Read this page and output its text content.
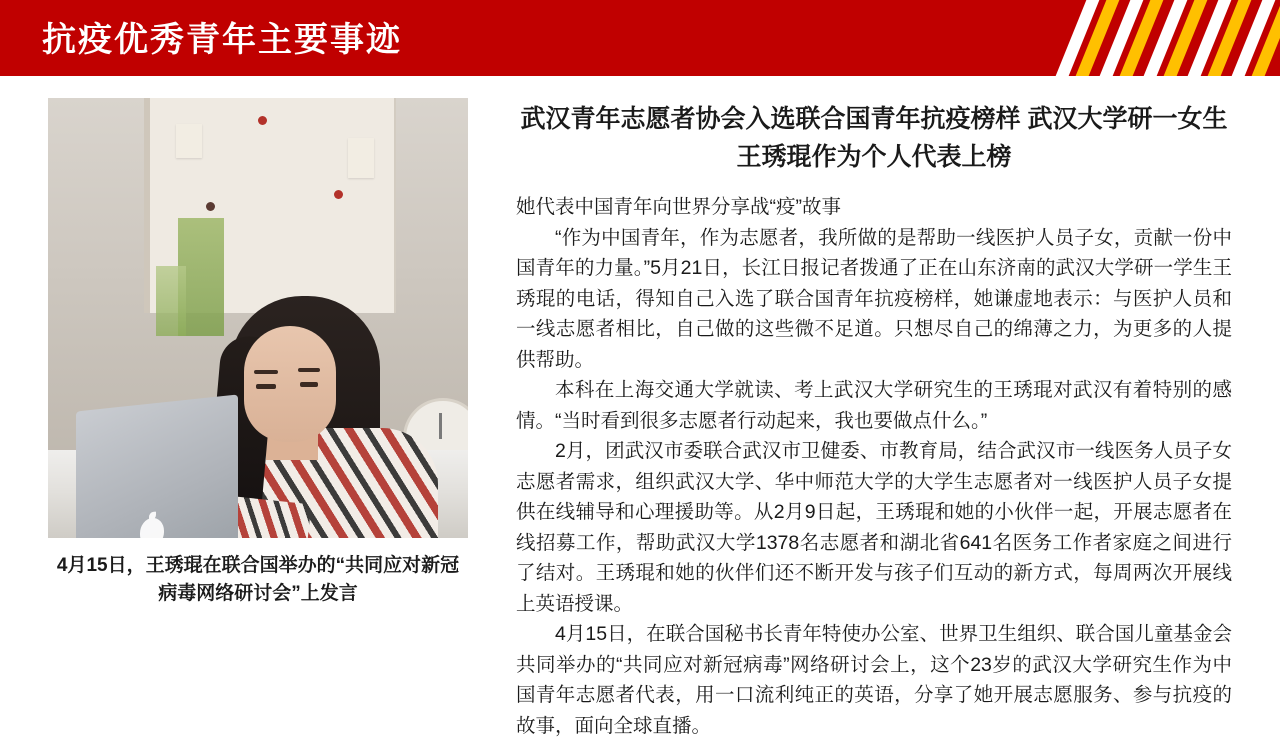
抗疫优秀青年主要事迹
4月15日，王琇琨在联合国举办的“共同应对新冠病毒网络研讨会”上发言
武汉青年志愿者协会入选联合国青年抗疫榜样 武汉大学研一女生王琇琨作为个人代表上榜

她代表中国青年向世界分享战“疫”故事

“作为中国青年，作为志愿者，我所做的是帮助一线医护人员子女，贡献一份中国青年的力量。”5月21日，长江日报记者拨通了正在山东济南的武汉大学研一学生王琇琨的电话，得知自己入选了联合国青年抗疫榜样，她谦虚地表示：与医护人员和一线志愿者相比，自己做的这些微不足道。只想尽自己的绵薄之力，为更多的人提供帮助。

本科在上海交通大学就读、考上武汉大学研究生的王琇琨对武汉有着特别的感情。“当时看到很多志愿者行动起来，我也要做点什么。”

2月，团武汉市委联合武汉市卫健委、市教育局，结合武汉市一线医务人员子女志愿者需求，组织武汉大学、华中师范大学的大学生志愿者对一线医护人员子女提供在线辅导和心理援助等。从2月9日起，王琇琨和她的小伙伴一起，开展志愿者在线招募工作，帮助武汉大学1378名志愿者和湖北省641名医务工作者家庭之间进行了结对。王琇琨和她的伙伴们还不断开发与孩子们互动的新方式，每周两次开展线上英语授课。

4月15日，在联合国秘书长青年特使办公室、世界卫生组织、联合国儿童基金会共同举办的“共同应对新冠病毒”网络研讨会上，这个23岁的武汉大学研究生作为中国青年志愿者代表，用一口流利纯正的英语，分享了她开展志愿服务、参与抗疫的故事，面向全球直播。
